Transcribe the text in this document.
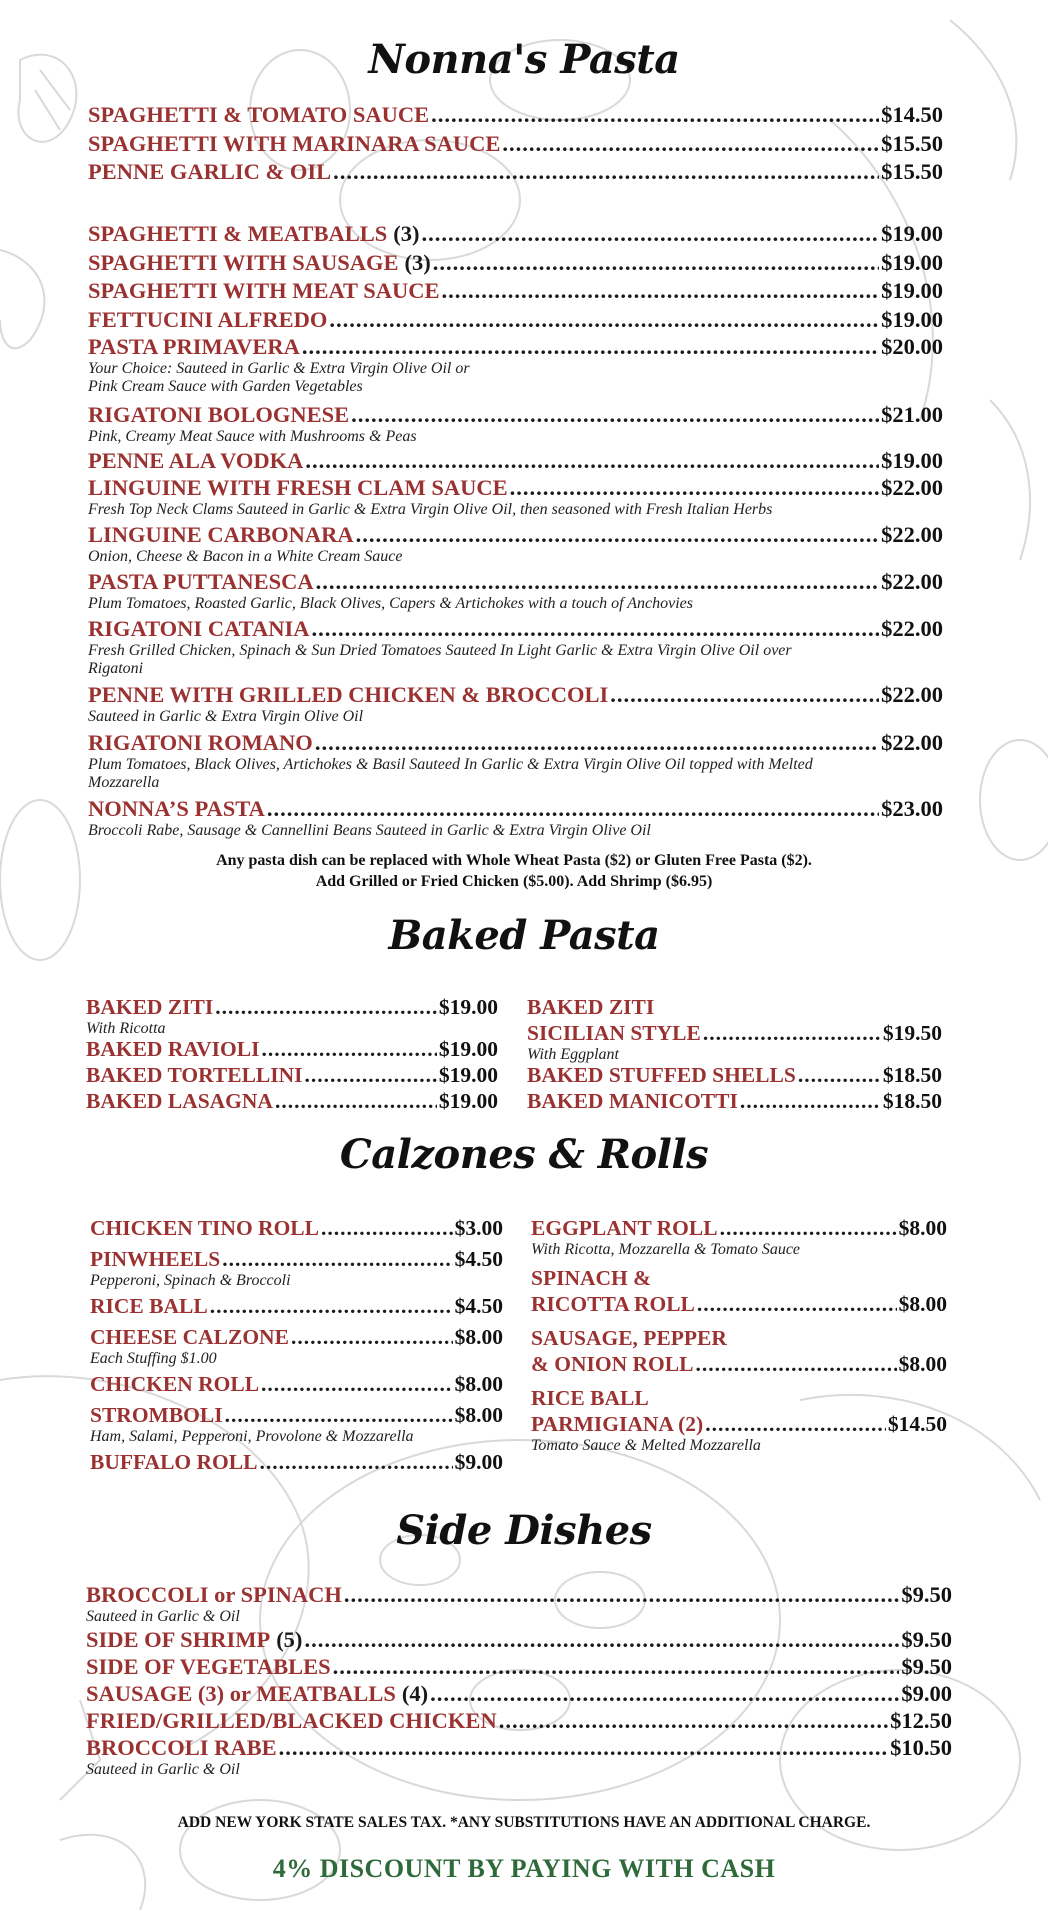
Nonna's Pasta
SPAGHETTI & TOMATO SAUCE .....	$14.50
SPAGHETTI WITH MARINARA SAUCE .....	$15.50
PENNE GARLIC & OIL .....	$15.50
SPAGHETTI & MEATBALLS (3) .....	$19.00
SPAGHETTI WITH SAUSAGE (3) .....	$19.00
SPAGHETTI WITH MEAT SAUCE .....	$19.00
FETTUCINI ALFREDO .....	$19.00
PASTA PRIMAVERA .....	$20.00
Your Choice: Sauteed in Garlic & Extra Virgin Olive Oil or
Pink Cream Sauce with Garden Vegetables
RIGATONI BOLOGNESE .....	$21.00
Pink, Creamy Meat Sauce with Mushrooms & Peas
PENNE ALA VODKA .....	$19.00
LINGUINE WITH FRESH CLAM SAUCE .....	$22.00
Fresh Top Neck Clams Sauteed in Garlic & Extra Virgin Olive Oil, then seasoned with Fresh Italian Herbs
LINGUINE CARBONARA .....	$22.00
Onion, Cheese & Bacon in a White Cream Sauce
PASTA PUTTANESCA .....	$22.00
Plum Tomatoes, Roasted Garlic, Black Olives, Capers & Artichokes with a touch of Anchovies
RIGATONI CATANIA .....	$22.00
Fresh Grilled Chicken, Spinach & Sun Dried Tomatoes Sauteed In Light Garlic & Extra Virgin Olive Oil over
Rigatoni
PENNE WITH GRILLED CHICKEN & BROCCOLI .....	$22.00
Sauteed in Garlic & Extra Virgin Olive Oil
RIGATONI ROMANO .....	$22.00
Plum Tomatoes, Black Olives, Artichokes & Basil Sauteed In Garlic & Extra Virgin Olive Oil topped with Melted
Mozzarella
NONNA’S PASTA .....	$23.00
Broccoli Rabe, Sausage & Cannellini Beans Sauteed in Garlic & Extra Virgin Olive Oil
Any pasta dish can be replaced with Whole Wheat Pasta ($2) or Gluten Free Pasta ($2).
Add Grilled or Fried Chicken ($5.00). Add Shrimp ($6.95)
Baked Pasta
BAKED ZITI .....	$19.00
With Ricotta
BAKED RAVIOLI .....	$19.00
BAKED TORTELLINI .....	$19.00
BAKED LASAGNA .....	$19.00
BAKED ZITI
SICILIAN STYLE .....	$19.50
With Eggplant
BAKED STUFFED SHELLS .....	$18.50
BAKED MANICOTTI .....	$18.50
Calzones & Rolls
CHICKEN TINO ROLL .....	$3.00
PINWHEELS .....	$4.50
Pepperoni, Spinach & Broccoli
RICE BALL .....	$4.50
CHEESE CALZONE .....	$8.00
Each Stuffing $1.00
CHICKEN ROLL .....	$8.00
STROMBOLI .....	$8.00
Ham, Salami, Pepperoni, Provolone & Mozzarella
BUFFALO ROLL .....	$9.00
EGGPLANT ROLL .....	$8.00
With Ricotta, Mozzarella & Tomato Sauce
SPINACH &
RICOTTA ROLL .....	$8.00
SAUSAGE, PEPPER
& ONION ROLL .....	$8.00
RICE BALL
PARMIGIANA (2) .....	$14.50
Tomato Sauce & Melted Mozzarella
Side Dishes
BROCCOLI or SPINACH .....	$9.50
Sauteed in Garlic & Oil
SIDE OF SHRIMP (5) .....	$9.50
SIDE OF VEGETABLES .....	$9.50
SAUSAGE (3) or MEATBALLS (4) .....	$9.00
FRIED/GRILLED/BLACKED CHICKEN .....	$12.50
BROCCOLI RABE .....	$10.50
Sauteed in Garlic & Oil
ADD NEW YORK STATE SALES TAX. *ANY SUBSTITUTIONS HAVE AN ADDITIONAL CHARGE.
4% DISCOUNT BY PAYING WITH CASH
